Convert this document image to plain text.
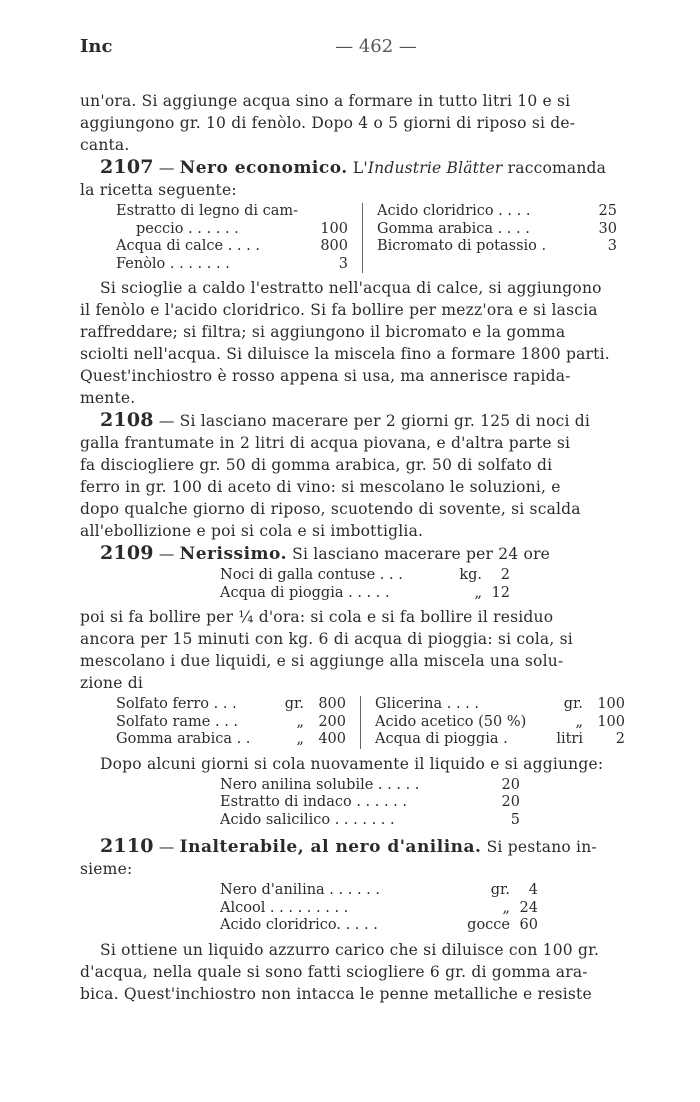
— 462 —
Inc

un'ora. Si aggiunge acqua sino a formare in tutto litri 10 e si

aggiungono gr. 10 di fenòlo. Dopo 4 o 5 giorni di riposo si de-

canta.

2107 — Nero economico. L'Industrie Blätter raccomanda

la ricetta seguente:

Estratto di legno di cam-
peccio . . . . . .	100
Acqua di calce . . . .	800
Fenòlo . . . . . . .	3
Acido cloridrico . . . .	25
Gomma arabica . . . .	30
Bicromato di potassio .	3

Si scioglie a caldo l'estratto nell'acqua di calce, si aggiungono

il fenòlo e l'acido cloridrico. Si fa bollire per mezz'ora e si lascia

raffreddare; si filtra; si aggiungono il bicromato e la gomma

sciolti nell'acqua. Si diluisce la miscela fino a formare 1800 parti.

Quest'inchiostro è rosso appena si usa, ma annerisce rapida-

mente.

2108 — Si lasciano macerare per 2 giorni gr. 125 di noci di

galla frantumate in 2 litri di acqua piovana, e d'altra parte si

fa disciogliere gr. 50 di gomma arabica, gr. 50 di solfato di

ferro in gr. 100 di aceto di vino: si mescolano le soluzioni, e

dopo qualche giorno di riposo, scuotendo di sovente, si scalda

all'ebollizione e poi si cola e si imbottiglia.

2109 — Nerissimo. Si lasciano macerare per 24 ore

Noci di galla contuse . . .	kg.	2
Acqua di pioggia . . . . .	„ 12

poi si fa bollire per ¼ d'ora: si cola e si fa bollire il residuo

ancora per 15 minuti con kg. 6 di acqua di pioggia: si cola, si

mescolano i due liquidi, e si aggiunge alla miscela una solu-

zione di

Solfato ferro . . .	gr. 800
Solfato rame . . .	„ 200
Gomma arabica . .	„ 400
Glicerina . . . .	gr. 100
Acido acetico (50 %)	„ 100
Acqua di pioggia .	litri	2

Dopo alcuni giorni si cola nuovamente il liquido e si aggiunge:

Nero anilina solubile . . . . .	20
Estratto di indaco . . . . . .	20
Acido salicilico . . . . . . .	5

2110 — Inalterabile, al nero d'anilina. Si pestano in-

sieme:

Nero d'anilina . . . . . .	gr.	4
Alcool . . . . . . . . .	„ 24
Acido cloridrico. . . . .	gocce 60

Si ottiene un liquido azzurro carico che si diluisce con 100 gr.

d'acqua, nella quale si sono fatti sciogliere 6 gr. di gomma ara-

bica. Quest'inchiostro non intacca le penne metalliche e resiste
